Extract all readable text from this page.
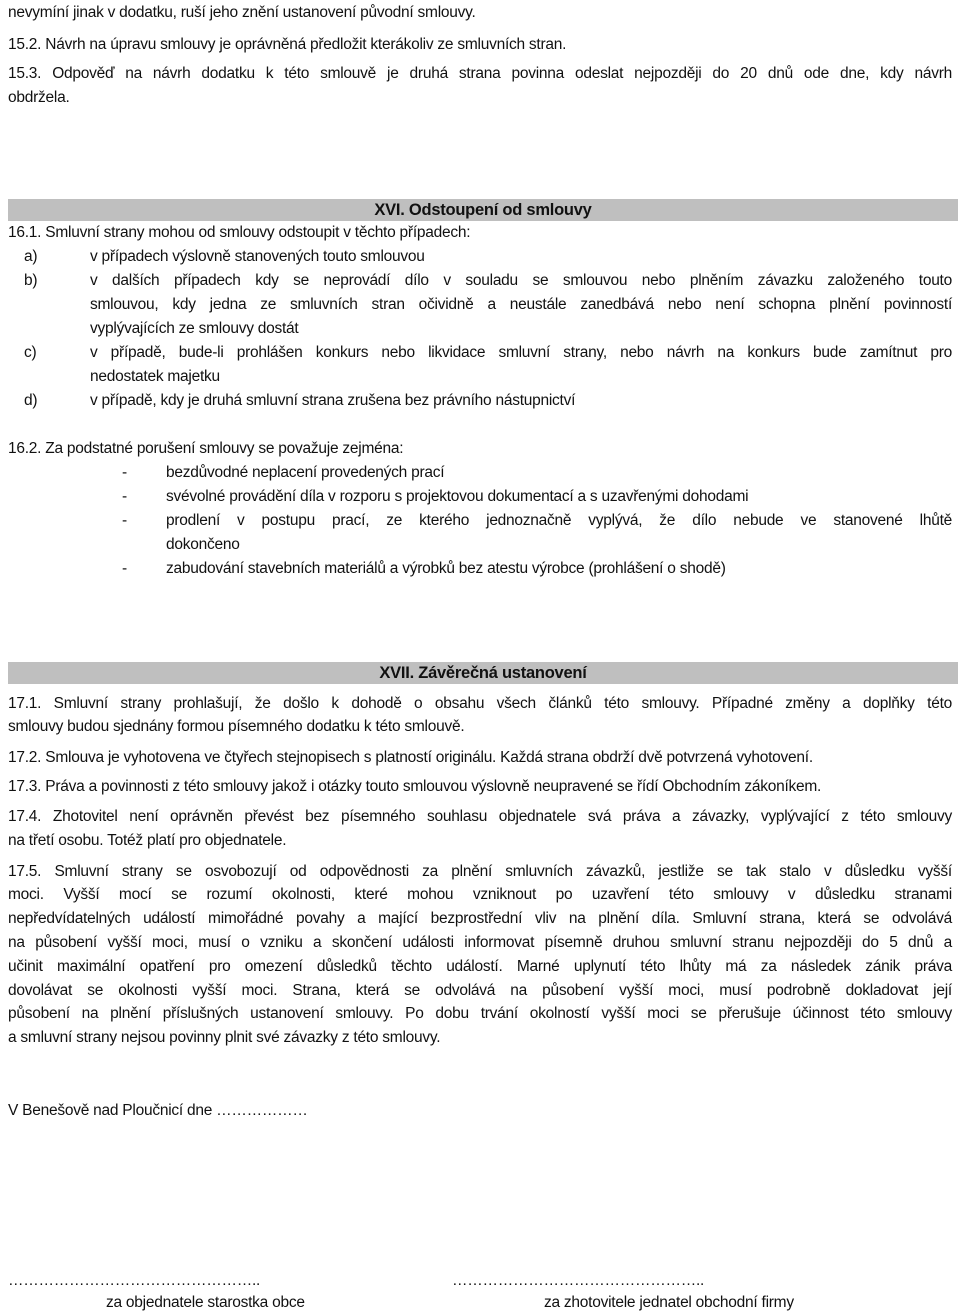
nevymíní jinak v dodatku, ruší jeho znění ustanovení původní smlouvy.
15.2. Návrh na úpravu smlouvy je oprávněná předložit kterákoliv ze smluvních stran.
15.3. Odpověď na návrh dodatku k této smlouvě je druhá strana povinna odeslat nejpozději do 20 dnů ode dne, kdy návrh
obdržela.
XVI. Odstoupení od smlouvy
16.1. Smluvní strany mohou od smlouvy odstoupit v těchto případech:
a)	v případech výslovně stanovených touto smlouvou
b)	v dalších případech kdy se neprovádí dílo v souladu se smlouvou nebo plněním závazku založeného touto
smlouvou, kdy jedna ze smluvních stran očividně a neustále zanedbává nebo není schopna plnění povinností
vyplývajících ze smlouvy dostát
c)	v případě, bude-li prohlášen konkurs nebo likvidace smluvní strany, nebo návrh na konkurs bude zamítnut pro
nedostatek majetku
d)	v případě, kdy je druhá smluvní strana zrušena bez právního nástupnictví
16.2. Za podstatné porušení smlouvy se považuje zejména:
-	bezdůvodné neplacení provedených prací
-	svévolné provádění díla v rozporu s projektovou dokumentací a s uzavřenými dohodami
-	prodlení v postupu prací, ze kterého jednoznačně vyplývá, že dílo nebude ve stanovené lhůtě
dokončeno
-	zabudování stavebních materiálů a výrobků bez atestu výrobce (prohlášení o shodě)
XVII. Závěrečná ustanovení
17.1. Smluvní strany prohlašují, že došlo k dohodě o obsahu všech článků této smlouvy. Případné změny a doplňky této
smlouvy budou sjednány formou písemného dodatku k této smlouvě.
17.2. Smlouva je vyhotovena ve čtyřech stejnopisech s platností originálu. Každá strana obdrží dvě potvrzená vyhotovení.
17.3. Práva a povinnosti z této smlouvy jakož i otázky touto smlouvou výslovně neupravené se řídí Obchodním zákoníkem.
17.4. Zhotovitel není oprávněn převést bez písemného souhlasu objednatele svá práva a závazky, vyplývající z této smlouvy
na třetí osobu. Totéž platí pro objednatele.
17.5. Smluvní strany se osvobozují od odpovědnosti za plnění smluvních závazků, jestliže se tak stalo v důsledku vyšší
moci. Vyšší mocí se rozumí okolnosti, které mohou vzniknout po uzavření této smlouvy v důsledku stranami
nepředvídatelných událostí mimořádné povahy a mající bezprostřední vliv na plnění díla. Smluvní strana, která se odvolává
na působení vyšší moci, musí o vzniku a skončení události informovat písemně druhou smluvní stranu nejpozději do 5 dnů a
učinit maximální opatření pro omezení důsledků těchto událostí. Marné uplynutí této lhůty má za následek zánik práva
dovolávat se okolnosti vyšší moci. Strana, která se odvolává na působení vyšší moci, musí podrobně dokladovat její
působení na plnění příslušných ustanovení smlouvy. Po dobu trvání okolností vyšší moci se přerušuje účinnost této smlouvy
a smluvní strany nejsou povinny plnit své závazky z této smlouvy.
V Benešově nad Ploučnicí dne ………………
…………………………………………..	…………………………………………..
za objednatele starostka obce	za zhotovitele jednatel obchodní firmy
